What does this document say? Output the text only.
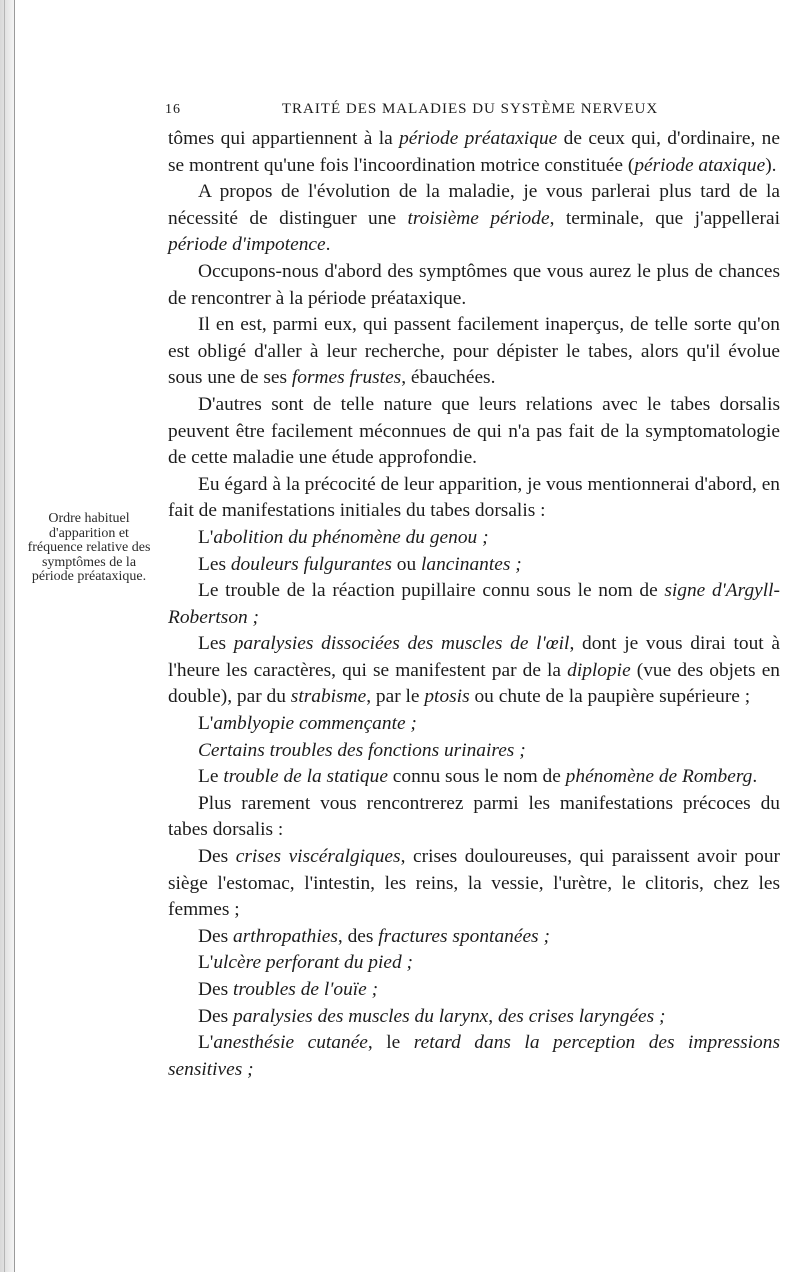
16	TRAITÉ DES MALADIES DU SYSTÈME NERVEUX
Ordre habituel d'apparition et fréquence relative des symptômes de la période préataxique.

tômes qui appartiennent à la période préataxique de ceux qui, d'ordinaire, ne se montrent qu'une fois l'incoordination motrice constituée (période ataxique).

A propos de l'évolution de la maladie, je vous parlerai plus tard de la nécessité de distinguer une troisième période, terminale, que j'appellerai période d'impotence.

Occupons-nous d'abord des symptômes que vous aurez le plus de chances de rencontrer à la période préataxique.

Il en est, parmi eux, qui passent facilement inaperçus, de telle sorte qu'on est obligé d'aller à leur recherche, pour dépister le tabes, alors qu'il évolue sous une de ses formes frustes, ébauchées.

D'autres sont de telle nature que leurs relations avec le tabes dorsalis peuvent être facilement méconnues de qui n'a pas fait de la symptomatologie de cette maladie une étude approfondie.

Eu égard à la précocité de leur apparition, je vous mentionnerai d'abord, en fait de manifestations initiales du tabes dorsalis :

L'abolition du phénomène du genou ;

Les douleurs fulgurantes ou lancinantes ;

Le trouble de la réaction pupillaire connu sous le nom de signe d'Argyll-Robertson ;

Les paralysies dissociées des muscles de l'œil, dont je vous dirai tout à l'heure les caractères, qui se manifestent par de la diplopie (vue des objets en double), par du strabisme, par le ptosis ou chute de la paupière supérieure ;

L'amblyopie commençante ;

Certains troubles des fonctions urinaires ;

Le trouble de la statique connu sous le nom de phénomène de Romberg.

Plus rarement vous rencontrerez parmi les manifestations précoces du tabes dorsalis :

Des crises viscéralgiques, crises douloureuses, qui paraissent avoir pour siège l'estomac, l'intestin, les reins, la vessie, l'urètre, le clitoris, chez les femmes ;

Des arthropathies, des fractures spontanées ;

L'ulcère perforant du pied ;

Des troubles de l'ouïe ;

Des paralysies des muscles du larynx, des crises laryngées ;

L'anesthésie cutanée, le retard dans la perception des impressions sensitives ;
